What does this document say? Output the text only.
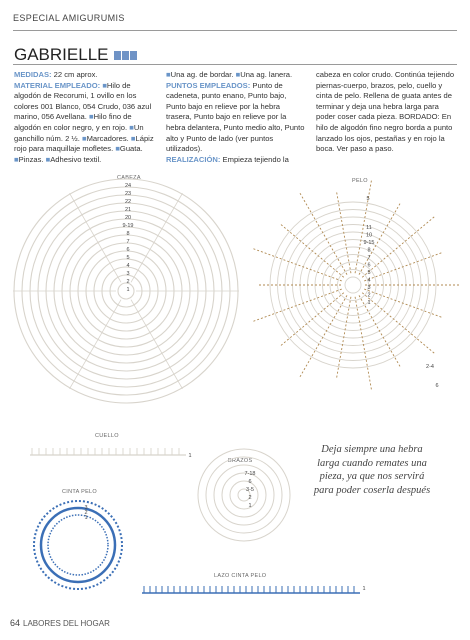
ESPECIAL AMIGURUMIS
GABRIELLE
MEDIDAS: 22 cm aprox.
MATERIAL EMPLEADO: ■Hilo de algodón de Recorumi, 1 ovillo en los colores 001 Blanco, 054 Crudo, 036 azul marino, 056 Avellana. ■Hilo fino de algodón en color negro, y en rojo. ■Un ganchillo núm. 2 ½. ■Marcadores. ■Lápiz rojo para maquillaje mofletes. ■Guata. ■Pinzas. ■Adhesivo textil.
■Una ag. de bordar. ■Una ag. lanera.
PUNTOS EMPLEADOS: Punto de cadeneta, punto enano, Punto bajo, Punto bajo en relieve por la hebra trasera, Punto bajo en relieve por la hebra delantera, Punto medio alto, Punto alto y Punto de lado (ver puntos utilizados).
REALIZACIÓN: Empieza tejiendo la
cabeza en color crudo. Continúa tejiendo piernas-cuerpo, brazos, pelo, cuello y cinta de pelo. Rellena de guata antes de terminar y deja una hebra larga para poder coser cada pieza. BORDADO: En hilo de algodón fino negro borda a punto lanzado los ojos, pestañas y en rojo la boca. Ver paso a paso.
CABEZA	PELO
CUELLO
BRAZOS
CINTA PELO
LAZO CINTA PELO
24
23
22
21
20
9-19
8
7
6
5
4
3
2
1
11
10
9-15
8
7
6
5
4
3
2
1
5
2-4
6
1
7-18
6
3-5
2
1
3
2
1
1
Deja siempre una hebra larga cuando remates una pieza, ya que nos servirá para poder coserla después
64 LABORES DEL HOGAR
